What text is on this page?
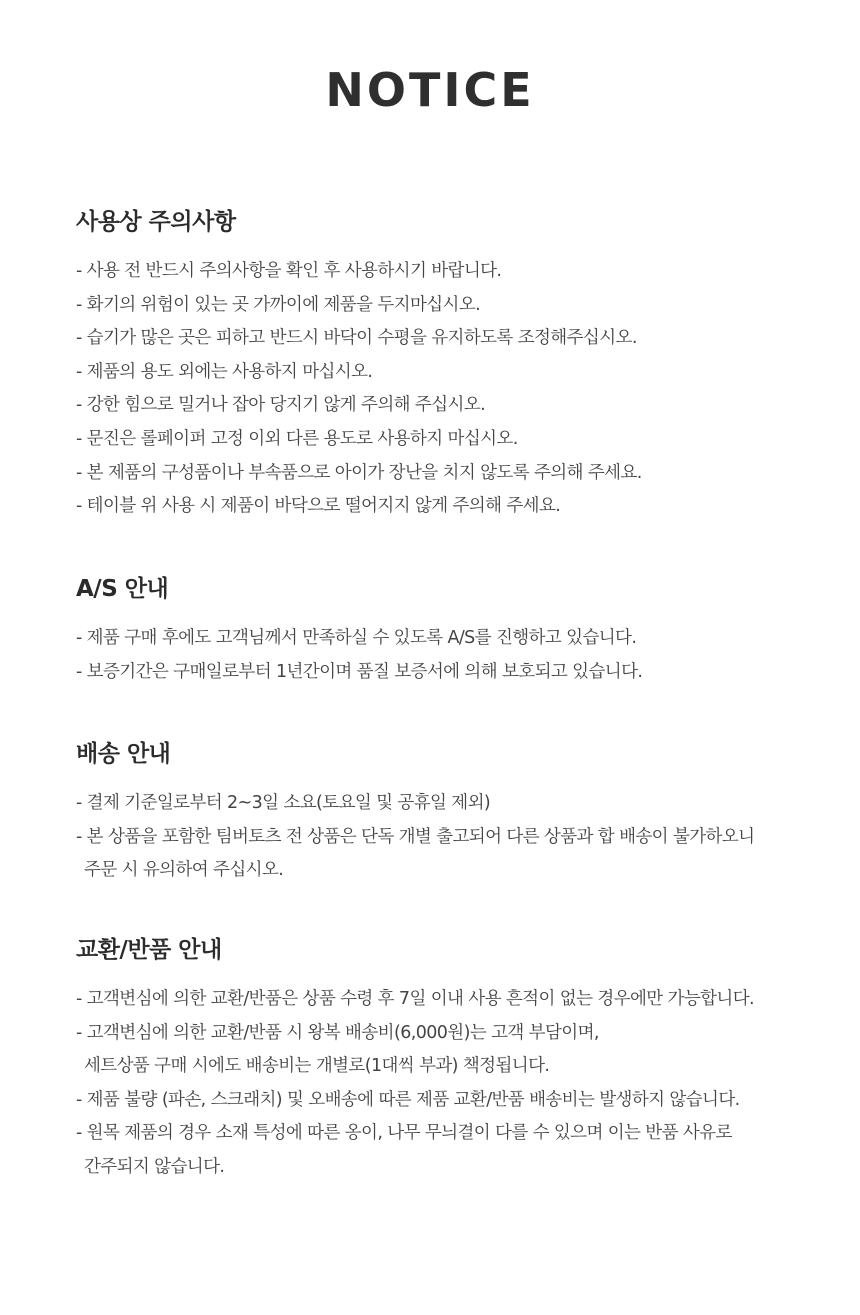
NOTICE
사용상 주의사항
- 사용 전 반드시 주의사항을 확인 후 사용하시기 바랍니다.
- 화기의 위험이 있는 곳 가까이에 제품을 두지마십시오.
- 습기가 많은 곳은 피하고 반드시 바닥이 수평을 유지하도록 조정해주십시오.
- 제품의 용도 외에는 사용하지 마십시오.
- 강한 힘으로 밀거나 잡아 당지기 않게 주의해 주십시오.
- 문진은 롤페이퍼 고정 이외 다른 용도로 사용하지 마십시오.
- 본 제품의 구성품이나 부속품으로 아이가 장난을 치지 않도록 주의해 주세요.
- 테이블 위 사용 시 제품이 바닥으로 떨어지지 않게 주의해 주세요.
A/S 안내
- 제품 구매 후에도 고객님께서 만족하실 수 있도록 A/S를 진행하고 있습니다.
- 보증기간은 구매일로부터 1년간이며 품질 보증서에 의해 보호되고 있습니다.
배송 안내
- 결제 기준일로부터 2~3일 소요(토요일 및 공휴일 제외)
- 본 상품을 포함한 팀버토츠 전 상품은 단독 개별 출고되어 다른 상품과 합 배송이 불가하오니
주문 시 유의하여 주십시오.
교환/반품 안내
- 고객변심에 의한 교환/반품은 상품 수령 후 7일 이내 사용 흔적이 없는 경우에만 가능합니다.
- 고객변심에 의한 교환/반품 시 왕복 배송비(6,000원)는 고객 부담이며,
세트상품 구매 시에도 배송비는 개별로(1대씩 부과) 책정됩니다.
- 제품 불량 (파손, 스크래치) 및 오배송에 따른 제품 교환/반품 배송비는 발생하지 않습니다.
- 원목 제품의 경우 소재 특성에 따른 옹이, 나무 무늬결이 다를 수 있으며 이는 반품 사유로
간주되지 않습니다.
